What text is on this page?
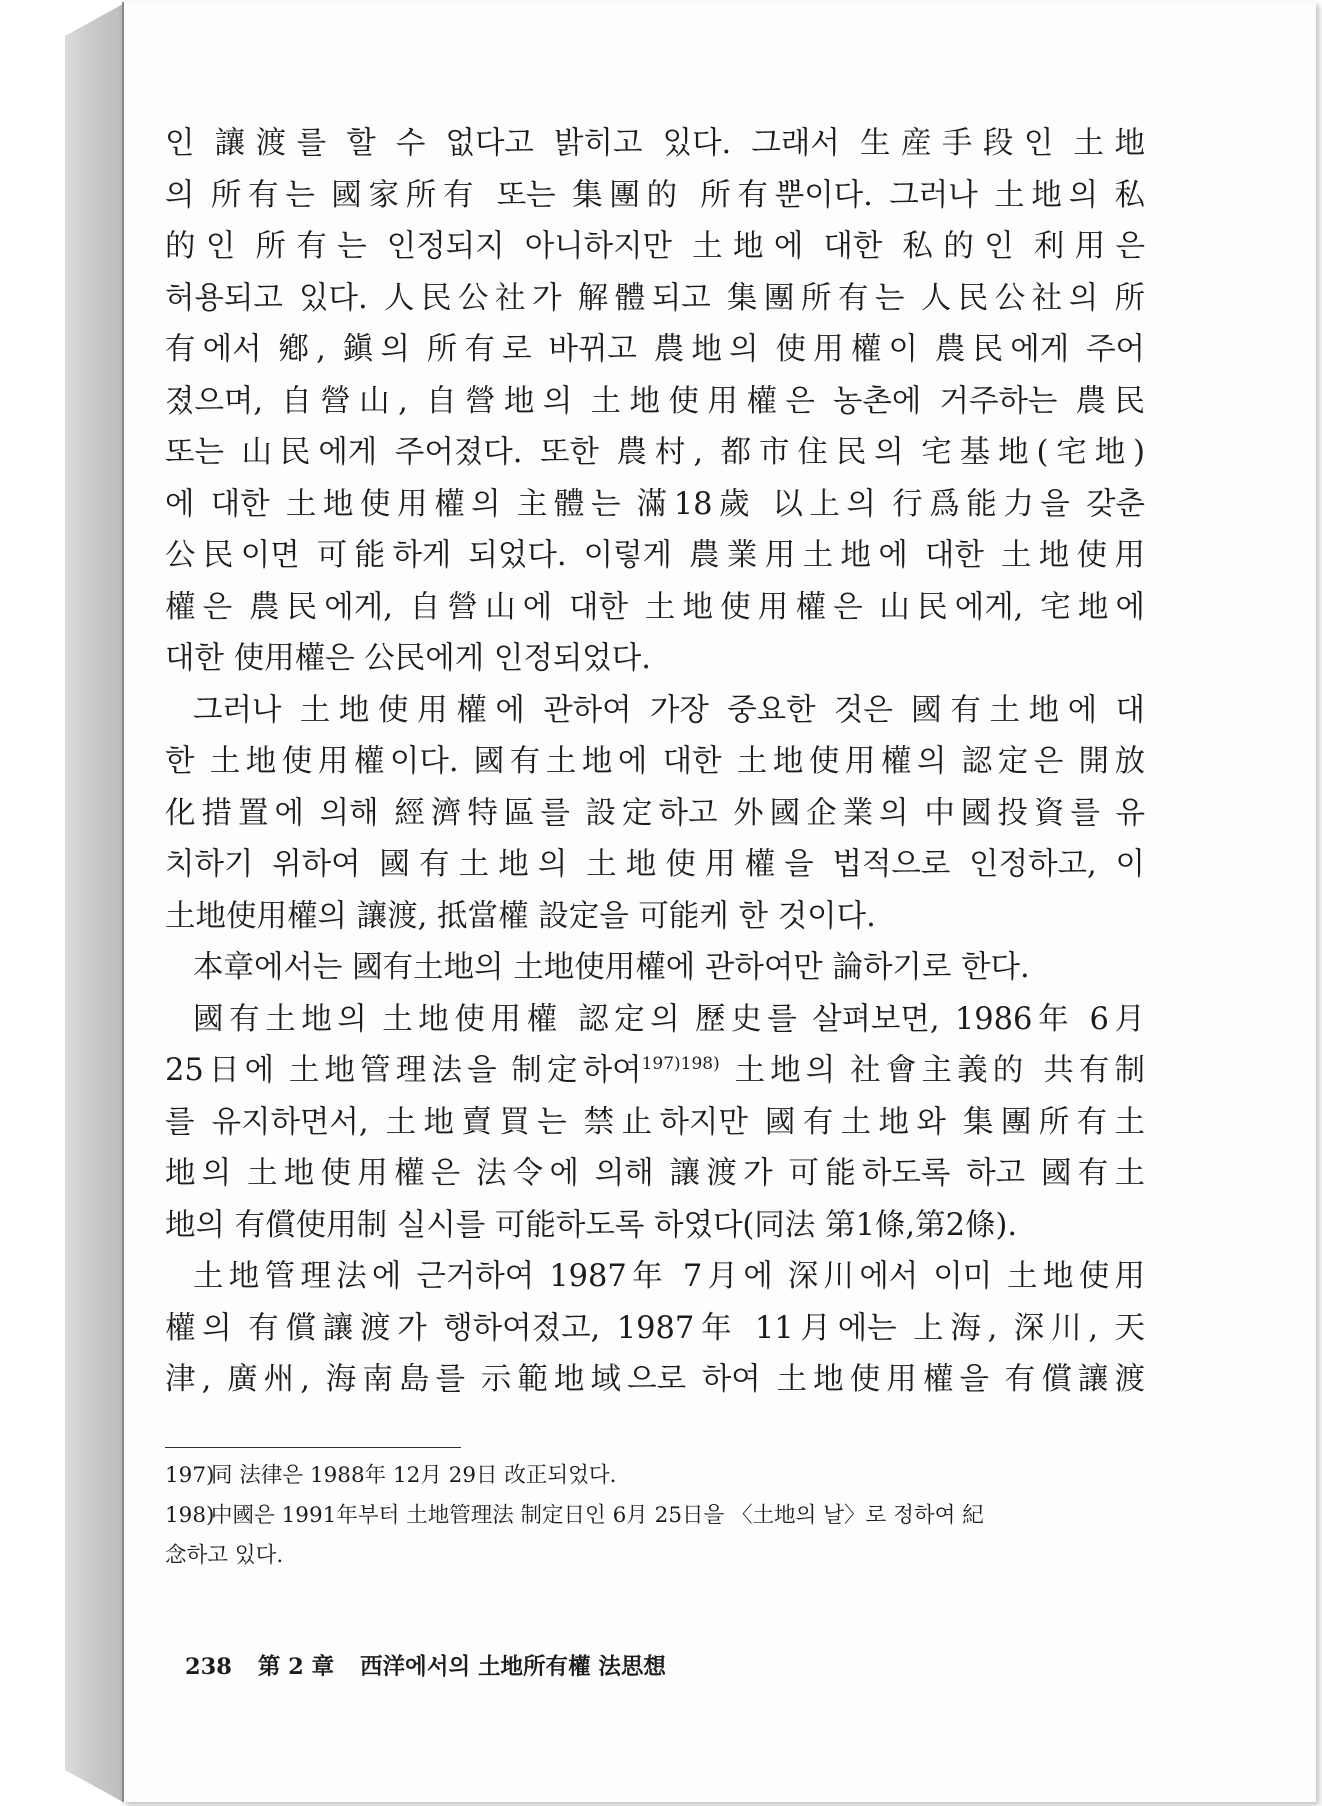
인 讓渡를 할 수 없다고 밝히고 있다. 그래서 生産手段인 土地
의 所有는 國家所有 또는 集團的 所有뿐이다. 그러나 土地의 私
的인 所有는 인정되지 아니하지만 土地에 대한 私的인 利用은
허용되고 있다. 人民公社가 解體되고 集團所有는 人民公社의 所
有에서 鄕, 鎭의 所有로 바뀌고 農地의 使用權이 農民에게 주어
졌으며, 自營山, 自營地의 土地使用權은 농촌에 거주하는 農民
또는 山民에게 주어졌다. 또한 農村, 都市住民의 宅基地(宅地)
에 대한 土地使用權의 主體는 滿18歲 以上의 行爲能力을 갖춘
公民이면 可能하게 되었다. 이렇게 農業用土地에 대한 土地使用
權은 農民에게, 自營山에 대한 土地使用權은 山民에게, 宅地에
대한 使用權은 公民에게 인정되었다.
그러나 土地使用權에 관하여 가장 중요한 것은 國有土地에 대
한 土地使用權이다. 國有土地에 대한 土地使用權의 認定은 開放
化措置에 의해 經濟特區를 設定하고 外國企業의 中國投資를 유
치하기 위하여 國有土地의 土地使用權을 법적으로 인정하고, 이
土地使用權의 讓渡, 抵當權 設定을 可能케 한 것이다.
本章에서는 國有土地의 土地使用權에 관하여만 論하기로 한다.
國有土地의 土地使用權 認定의 歷史를 살펴보면, 1986年 6月
25日에 土地管理法을 制定하여$^{197)198)}$ 土地의 社會主義的 共有制
를 유지하면서, 土地賣買는 禁止하지만 國有土地와 集團所有土
地의 土地使用權은 法令에 의해 讓渡가 可能하도록 하고 國有土
地의 有償使用制 실시를 可能하도록 하였다(同法 第1條,第2條).
土地管理法에 근거하여 1987年 7月에 深川에서 이미 土地使用
權의 有償讓渡가 행하여졌고, 1987年 11月에는 上海, 深川, 天
津, 廣州, 海南島를 示範地域으로 하여 土地使用權을 有償讓渡
197)
同 法律은 1988年 12月 29日 改正되었다.
198)
中國은 1991年부터 土地管理法 制定日인 6月 25日을 〈土地의 날〉로 정하여 紀
念하고 있다.
238 第 2 章 西洋에서의 土地所有權 法思想
